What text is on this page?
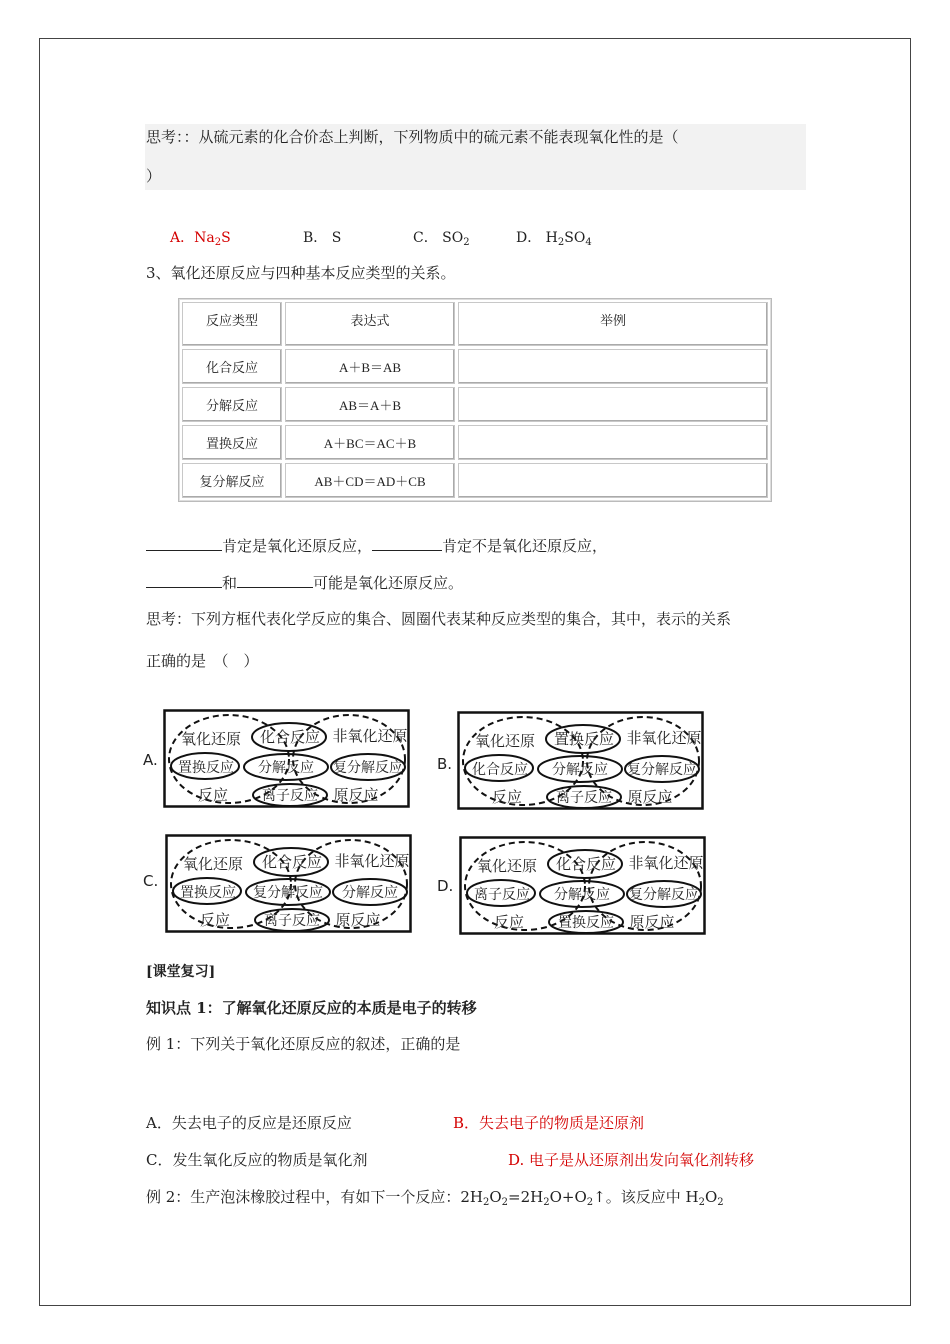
思考：：从硫元素的化合价态上判断，下列物质中的硫元素不能表现氧化性的是（
）
A．$Na_2S$	B． S	C． $SO_2$	D． $H_2SO_4$
3、氧化还原反应与四种基本反应类型的关系。
反应类型	表达式	举例
化合反应	A＋B＝AB	
分解反应	AB＝A＋B	
置换反应	A＋BC＝AC＋B	
复分解反应	AB＋CD＝AD＋CB	
肯定是氧化还原反应，	肯定不是氧化还原反应，
和	可能是氧化还原反应。
思考：下列方框代表化学反应的集合、圆圈代表某种反应类型的集合，其中，表示的关系
正确的是　（　）
A.
氧化还原 化合反应 非氧化还原
置换反应 分解反应 复分解反应
反应 离子反应 原反应
B.
氧化还原 置换反应 非氧化还原
化合反应 分解反应 复分解反应
反应 离子反应 原反应
C.
氧化还原 化合反应 非氧化还原
置换反应 复分解反应 分解反应
反应 离子反应 原反应
D.
氧化还原 化合反应 非氧化还原
离子反应 分解反应 复分解反应
反应 置换反应 原反应
[课堂复习]
知识点 1：了解氧化还原反应的本质是电子的转移
例 1：下列关于氧化还原反应的叙述，正确的是
A．失去电子的反应是还原反应	B．失去电子的物质是还原剂
C．发生氧化反应的物质是氧化剂	D. 电子是从还原剂出发向氧化剂转移
例 2：生产泡沫橡胶过程中，有如下一个反应：$2H_2O_2=2H_2O+O_2↑$。该反应中 $H_2O_2$
